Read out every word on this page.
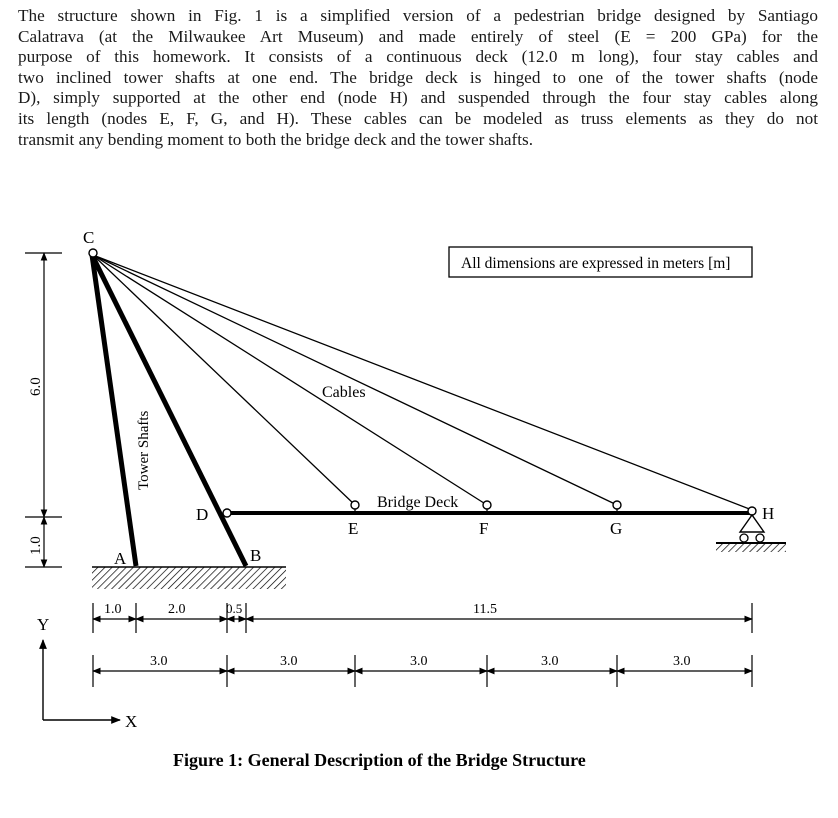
The structure shown in Fig. 1 is a simplified version of a pedestrian bridge designed by Santiago
Calatrava (at the Milwaukee Art Museum) and made entirely of steel (E = 200 GPa) for the
purpose of this homework. It consists of a continuous deck (12.0 m long), four stay cables and
two inclined tower shafts at one end. The bridge deck is hinged to one of the tower shafts (node
D), simply supported at the other end (node H) and suspended through the four stay cables along
its length (nodes E, F, G, and H). These cables can be modeled as truss elements as they do not
transmit any bending moment to both the bridge deck and the tower shafts.
C
A	B
D
E	F	G
H
Cables
Bridge Deck
Tower Shafts
All dimensions are expressed in meters [m]
6.0
1.0
1.0	2.0	0.5	11.5
3.0	3.0	3.0	3.0	3.0
Y
X
Figure 1: General Description of the Bridge Structure
